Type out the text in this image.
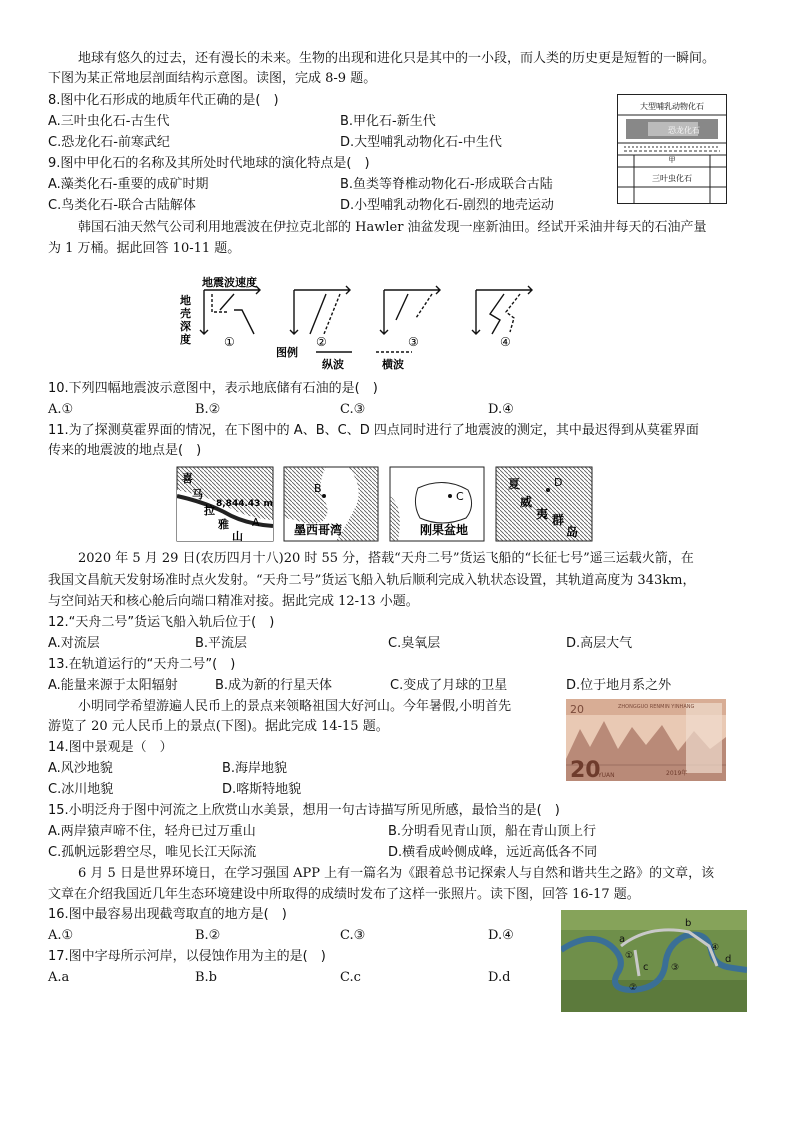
地球有悠久的过去，还有漫长的未来。生物的出现和进化只是其中的一小段，而人类的历史更是短暂的一瞬间。
下图为某正常地层剖面结构示意图。读图，完成 8-9 题。
8.图中化石形成的地质年代正确的是(　)
A.三叶虫化石-古生代	B.甲化石-新生代
C.恐龙化石-前寒武纪	D.大型哺乳动物化石-中生代
9.图中甲化石的名称及其所处时代地球的演化特点是(　)
A.藻类化石-重要的成矿时期	B.鱼类等脊椎动物化石-形成联合古陆
C.鸟类化石-联合古陆解体	D.小型哺乳动物化石-剧烈的地壳运动
大型哺乳动物化石
恐龙化石
甲
三叶虫化石
韩国石油天然气公司利用地震波在伊拉克北部的 Hawler 油盆发现一座新油田。经试开采油井每天的石油产量
为 1 万桶。据此回答 10-11 题。
地震波速度
地
壳
深
度	①	②	③	④
图例
纵波	横波
10.下列四幅地震波示意图中，表示地底储有石油的是(　)
A.①	B.②	C.③	D.④
11.为了探测莫霍界面的情况，在下图中的 A、B、C、D 四点同时进行了地震波的测定，其中最迟得到从莫霍界面
传来的地震波的地点是(　)
喜
马
拉
雅
山
8,844.43 m
A
B
墨西哥湾
C
刚果盆地
夏
威
夷 群
岛
D
2020 年 5 月 29 日(农历四月十八)20 时 55 分，搭载“天舟二号”货运飞船的“长征七号”遥三运载火箭，在
我国文昌航天发射场准时点火发射。“天舟二号”货运飞船入轨后顺利完成入轨状态设置，其轨道高度为 343km，
与空间站天和核心舱后向端口精准对接。据此完成 12-13 小题。
12.“天舟二号”货运飞船入轨后位于(　)
A.对流层	B.平流层	C.臭氧层	D.高层大气
13.在轨道运行的“天舟二号”(　)
A.能量来源于太阳辐射	B.成为新的行星天体	C.变成了月球的卫星	D.位于地月系之外
小明同学希望游遍人民币上的景点来领略祖国大好河山。今年暑假,小明首先
游览了 20 元人民币上的景点(下图)。据此完成 14-15 题。
20	ZHONGGUO RENMIN YINHANG
20
YUAN	2019年
14.图中景观是（　）
A.风沙地貌	B.海岸地貌
C.冰川地貌	D.喀斯特地貌
15.小明泛舟于图中河流之上欣赏山水美景，想用一句古诗描写所见所感，最恰当的是(　)
A.两岸猿声啼不住，轻舟已过万重山	B.分明看见青山顶，船在青山顶上行
C.孤帆远影碧空尽，唯见长江天际流	D.横看成岭侧成峰，远近高低各不同
6 月 5 日是世界环境日，在学习强国 APP 上有一篇名为《跟着总书记探索人与自然和谐共生之路》的文章，该
文章在介绍我国近几年生态环境建设中所取得的成绩时发布了这样一张照片。读下图，回答 16-17 题。
16.图中最容易出现截弯取直的地方是(　)
A.①	B.②	C.③	D.④
17.图中字母所示河岸，以侵蚀作用为主的是(　)
A.a	B.b	C.c	D.d
a
b
c
d
①
②
③
④
